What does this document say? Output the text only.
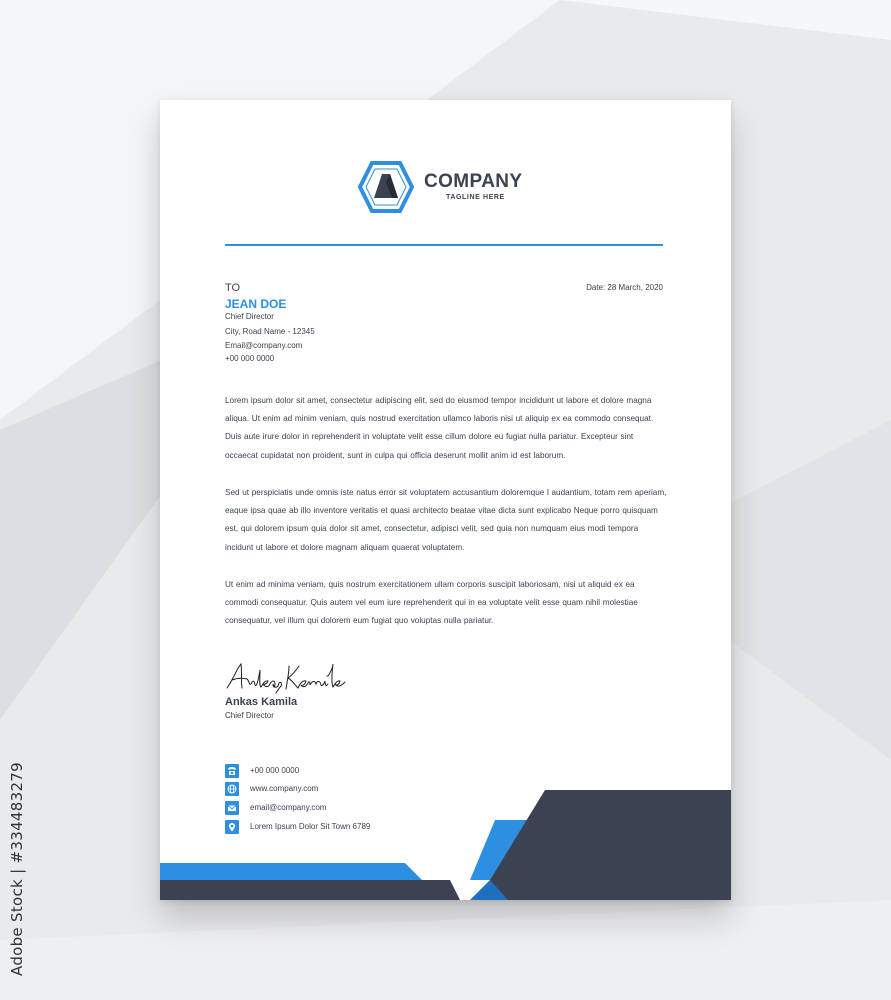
Adobe Stock | #334483279
COMPANY
TAGLINE HERE
TO
JEAN DOE
Chief Director
City, Road Name - 12345
Email@company.com
+00 000 0000
Date: 28 March, 2020

Lorem ipsum dolor sit amet, consectetur adipiscing elit, sed do eiusmod tempor incididunt ut labore et dolore magna aliqua. Ut enim ad minim veniam, quis nostrud exercitation ullamco laboris nisi ut aliquip ex ea commodo consequat. Duis aute irure dolor in reprehenderit in voluptate velit esse cillum dolore eu fugiat nulla pariatur. Excepteur sint occaecat cupidatat non proident, sunt in culpa qui officia deserunt mollit anim id est laborum.

Sed ut perspiciatis unde omnis iste natus error sit voluptatem accusantium doloremque l audantium, totam rem aperiam, eaque ipsa quae ab illo inventore veritatis et quasi architecto beatae vitae dicta sunt explicabo Neque porro quisquam est, qui dolorem ipsum quia dolor sit amet, consectetur, adipisci velit, sed quia non numquam eius modi tempora incidunt ut labore et dolore magnam aliquam quaerat voluptatem.

Ut enim ad minima veniam, quis nostrum exercitationem ullam corporis suscipit laboriosam, nisi ut aliquid ex ea commodi consequatur. Quis autem vel eum iure reprehenderit qui in ea voluptate velit esse quam nihil molestiae consequatur, vel illum qui dolorem eum fugiat quo voluptas nulla pariatur.

Ankas Kamila
Chief Director
+00 000 0000
www.company.com
email@company.com
Lorem Ipsum Dolor Sit Town 6789
